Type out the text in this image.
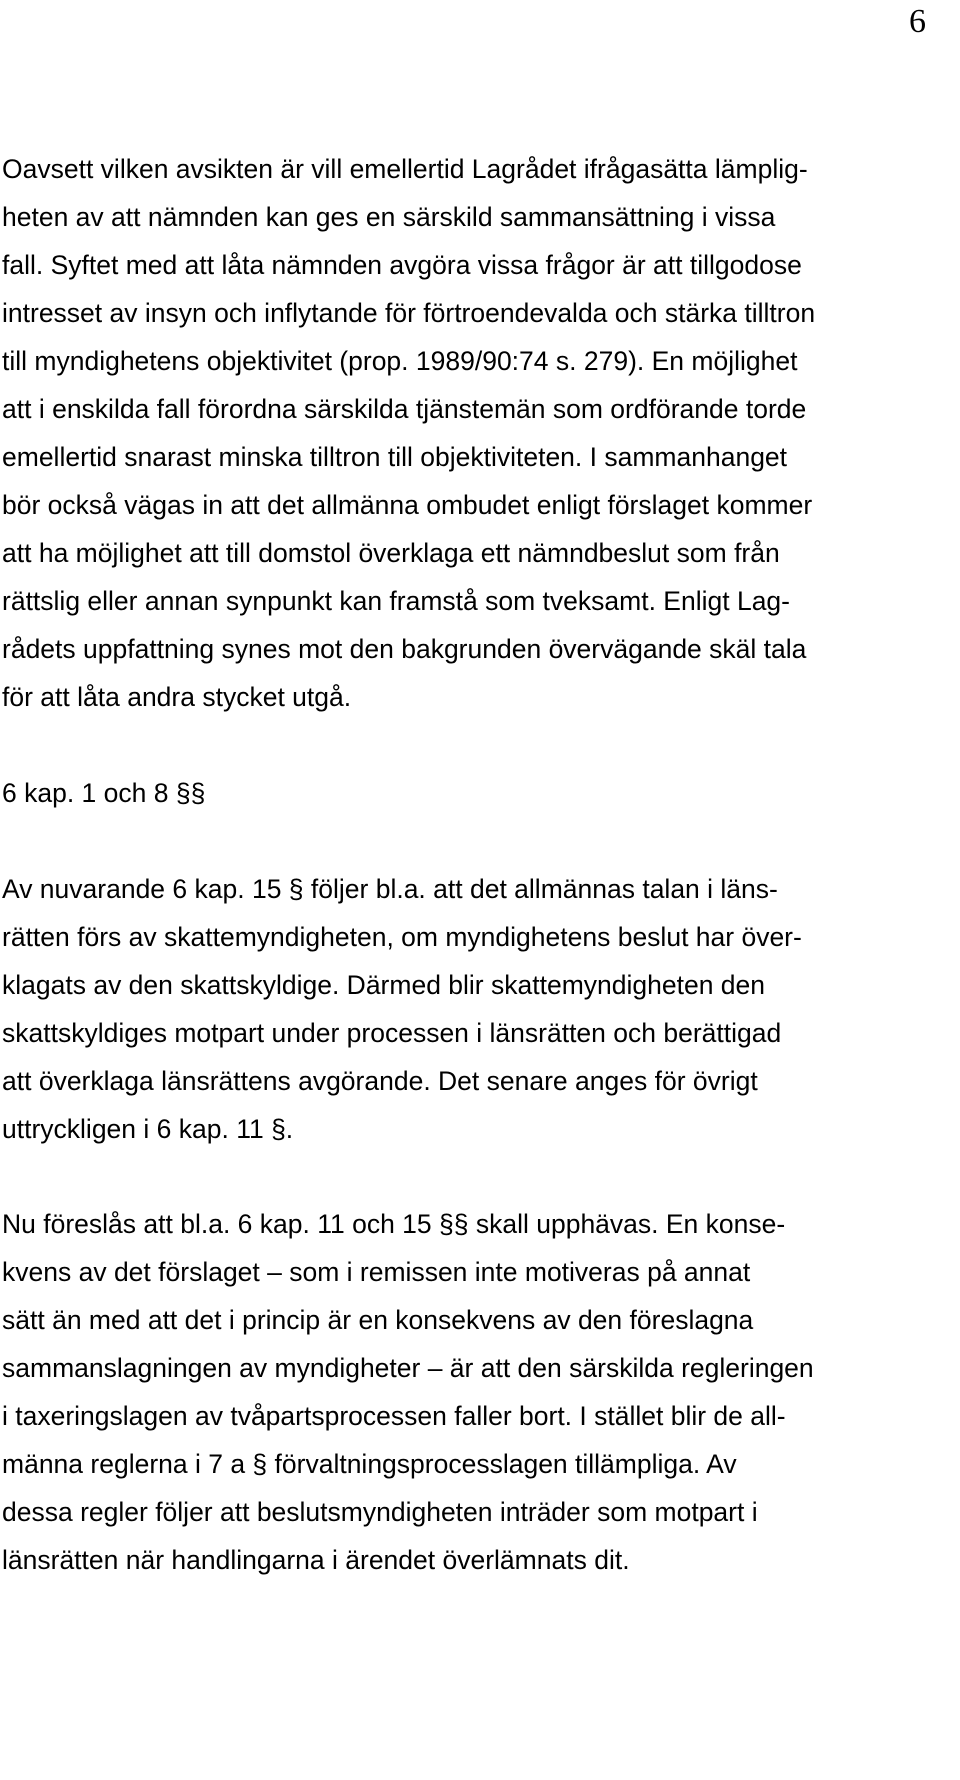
6
Oavsett vilken avsikten är vill emellertid Lagrådet ifrågasätta lämplig-
heten av att nämnden kan ges en särskild sammansättning i vissa
fall. Syftet med att låta nämnden avgöra vissa frågor är att tillgodose
intresset av insyn och inflytande för förtroendevalda och stärka tilltron
till myndighetens objektivitet (prop. 1989/90:74 s. 279). En möjlighet
att i enskilda fall förordna särskilda tjänstemän som ordförande torde
emellertid snarast minska tilltron till objektiviteten. I sammanhanget
bör också vägas in att det allmänna ombudet enligt förslaget kommer
att ha möjlighet att till domstol överklaga ett nämndbeslut som från
rättslig eller annan synpunkt kan framstå som tveksamt. Enligt Lag-
rådets uppfattning synes mot den bakgrunden övervägande skäl tala
för att låta andra stycket utgå.
6 kap. 1 och 8 §§
Av nuvarande 6 kap. 15 § följer bl.a. att det allmännas talan i läns-
rätten förs av skattemyndigheten, om myndighetens beslut har över-
klagats av den skattskyldige. Därmed blir skattemyndigheten den
skattskyldiges motpart under processen i länsrätten och berättigad
att överklaga länsrättens avgörande. Det senare anges för övrigt
uttryckligen i 6 kap. 11 §.
Nu föreslås att bl.a. 6 kap. 11 och 15 §§ skall upphävas. En konse-
kvens av det förslaget – som i remissen inte motiveras på annat
sätt än med att det i princip är en konsekvens av den föreslagna
sammanslagningen av myndigheter – är att den särskilda regleringen
i taxeringslagen av tvåpartsprocessen faller bort. I stället blir de all-
männa reglerna i 7 a § förvaltningsprocesslagen tillämpliga. Av
dessa regler följer att beslutsmyndigheten inträder som motpart i
länsrätten när handlingarna i ärendet överlämnats dit.
